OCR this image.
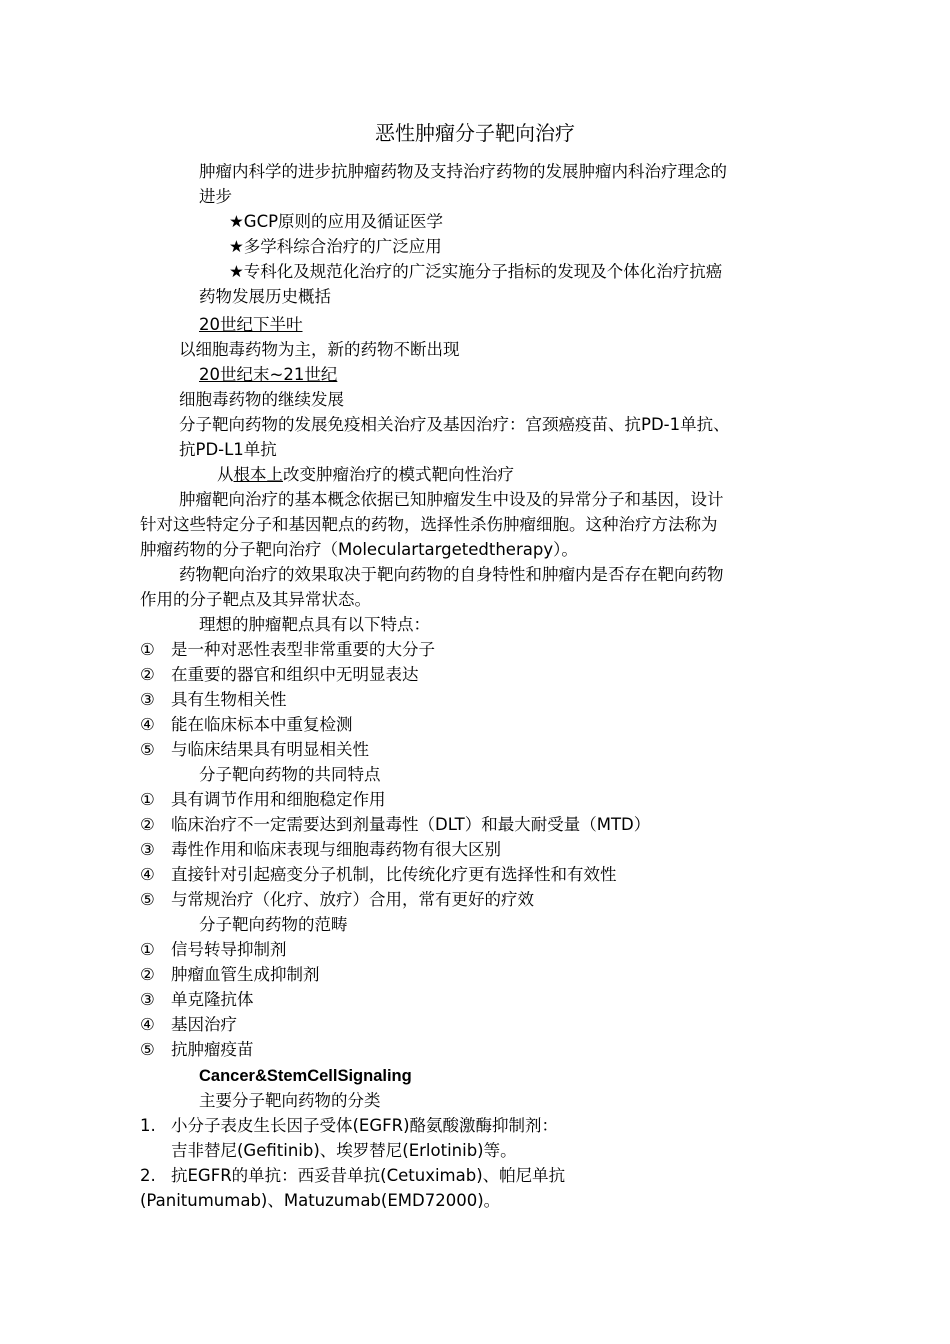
恶性肿瘤分子靶向治疗
肿瘤内科学的进步抗肿瘤药物及支持治疗药物的发展肿瘤内科治疗理念的
进步
★GCP原则的应用及循证医学
★多学科综合治疗的广泛应用
★专科化及规范化治疗的广泛实施分子指标的发现及个体化治疗抗癌
药物发展历史概括
20世纪下半叶
以细胞毒药物为主，新的药物不断出现
20世纪末~21世纪
细胞毒药物的继续发展
分子靶向药物的发展免疫相关治疗及基因治疗：宫颈癌疫苗、抗PD-1单抗、
抗PD-L1单抗
从根本上改变肿瘤治疗的模式靶向性治疗
肿瘤靶向治疗的基本概念依据已知肿瘤发生中设及的异常分子和基因，设计
针对这些特定分子和基因靶点的药物，选择性杀伤肿瘤细胞。这种治疗方法称为
肿瘤药物的分子靶向治疗（Moleculartargetedtherapy）。
药物靶向治疗的效果取决于靶向药物的自身特性和肿瘤内是否存在靶向药物
作用的分子靶点及其异常状态。
理想的肿瘤靶点具有以下特点：
① 是一种对恶性表型非常重要的大分子
② 在重要的器官和组织中无明显表达
③ 具有生物相关性
④ 能在临床标本中重复检测
⑤ 与临床结果具有明显相关性
分子靶向药物的共同特点
① 具有调节作用和细胞稳定作用
② 临床治疗不一定需要达到剂量毒性（DLT）和最大耐受量（MTD）
③ 毒性作用和临床表现与细胞毒药物有很大区别
④ 直接针对引起癌变分子机制，比传统化疗更有选择性和有效性
⑤ 与常规治疗（化疗、放疗）合用，常有更好的疗效
分子靶向药物的范畴
① 信号转导抑制剂
② 肿瘤血管生成抑制剂
③ 单克隆抗体
④ 基因治疗
⑤ 抗肿瘤疫苗
Cancer&StemCellSignaling
主要分子靶向药物的分类
1. 小分子表皮生长因子受体(EGFR)酪氨酸激酶抑制剂：
吉非替尼(Gefitinib)、埃罗替尼(Erlotinib)等。
2. 抗EGFR的单抗：西妥昔单抗(Cetuximab)、帕尼单抗
(Panitumumab)、Matuzumab(EMD72000)。
